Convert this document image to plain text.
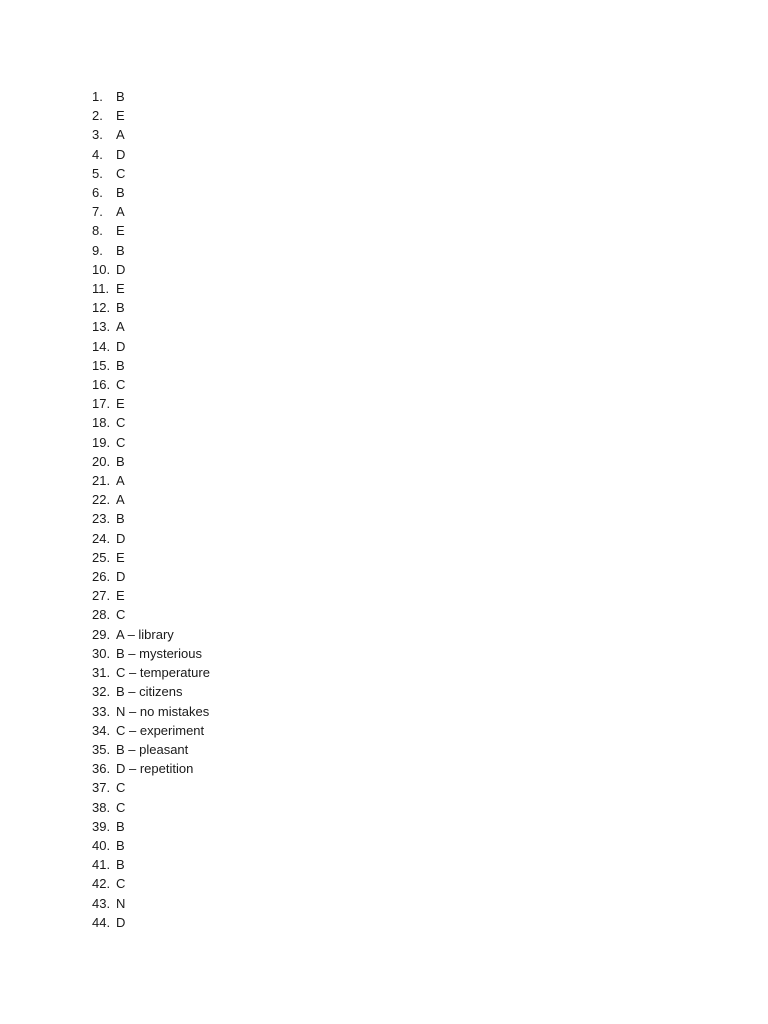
1.	B
2.	E
3.	A
4.	D
5.	C
6.	B
7.	A
8.	E
9.	B
10. D
11. E
12. B
13. A
14. D
15. B
16. C
17. E
18. C
19. C
20. B
21. A
22. A
23. B
24. D
25. E
26. D
27. E
28. C
29. A – library
30. B – mysterious
31. C – temperature
32. B – citizens
33. N – no mistakes
34. C – experiment
35. B – pleasant
36. D – repetition
37. C
38. C
39. B
40. B
41. B
42. C
43. N
44. D
